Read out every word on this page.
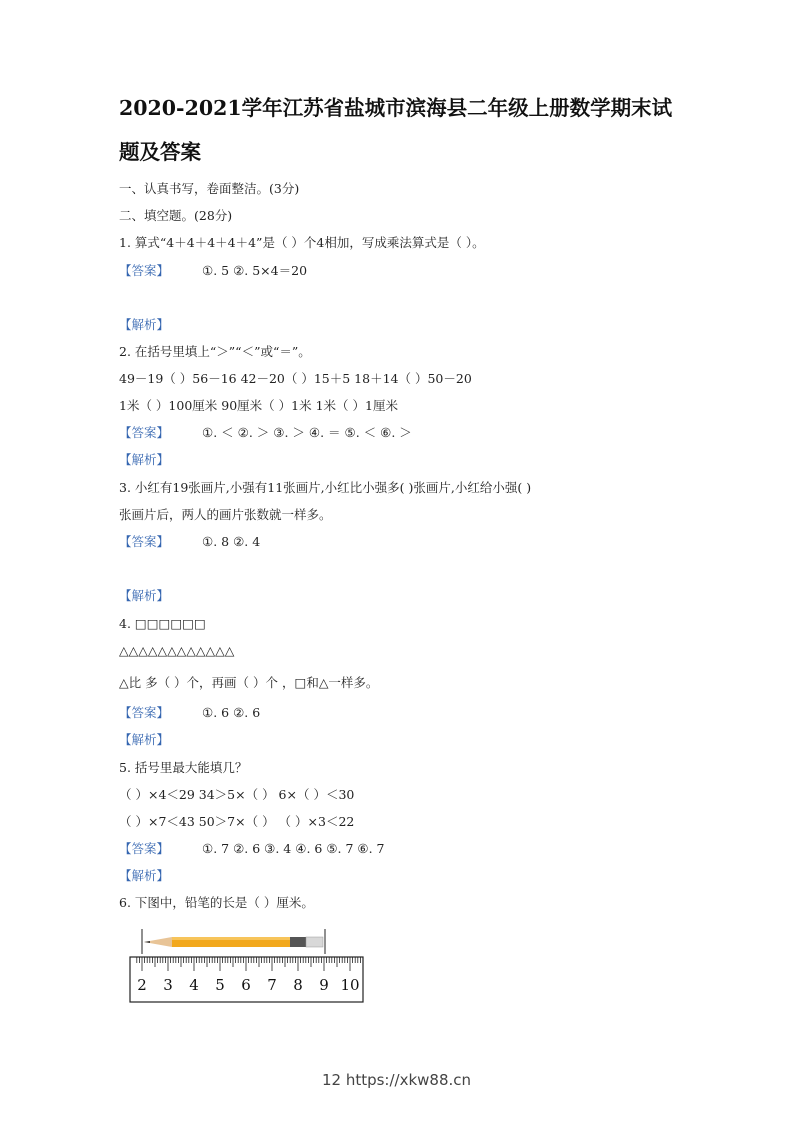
2020-2021学年江苏省盐城市滨海县二年级上册数学期末试
题及答案
一、认真书写，卷面整洁。(3分)
二、填空题。(28分)
1. 算式“4＋4＋4＋4＋4”是（ ）个4相加，写成乘法算式是（ ）。
【答案】	①. 5 ②. 5×4＝20
【解析】
2. 在括号里填上“＞”“＜”或“＝”。
49－19（ ）56－16 42－20（ ）15＋5 18＋14（ ）50－20
1米（ ）100厘米 90厘米（ ）1米 1米（ ）1厘米
【答案】	①. ＜ ②. ＞ ③. ＞ ④. ＝ ⑤. ＜ ⑥. ＞
【解析】
3. 小红有19张画片,小强有11张画片,小红比小强多( )张画片,小红给小强( )
张画片后，两人的画片张数就一样多。
【答案】	①. 8 ②. 4
【解析】
4. □□□□□□
△△△△△△△△△△△△
△比 多（ ）个，再画（ ）个 ，□和△一样多。
【答案】	①. 6 ②. 6
【解析】
5. 括号里最大能填几？
（ ）×4＜29 34＞5×（ ） 6×（ ）＜30
（ ）×7＜43 50＞7×（ ） （ ）×3＜22
【答案】	①. 7 ②. 6 ③. 4 ④. 6 ⑤. 7 ⑥. 7
【解析】
6. 下图中，铅笔的长是（ ）厘米。
2 3 4 5 6 7 8 9 10
12 https://xkw88.cn
